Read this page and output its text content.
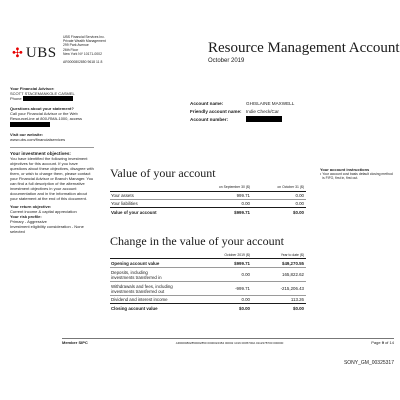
✣ UBS
UBS Financial Services Inc.
Private Wealth Management
299 Park Avenue
26th Floor
New York NY 10171-0002
AR0000802850 9618 11 8
Resource Management Account
October 2019
Your Financial Advisor:
SCOTT STACEMANKOLE CASMEL
Phone
Questions about your statement?
Call your Financial Advisor or the Web ResourceLine at 800-RMA-1000, access
Visit our website:
www.ubs.com/financialservices
Your investment objectives:
You have identified the following investment objectives for this account. If you have questions about these objectives, disagree with them, or wish to change them, please contact your Financial Advisor or Branch Manager. You can find a full description of the alternative investment objectives in your account documentation and in the information about your statement at the end of this document.
Your return objective:
Current income & capital appreciation
Your risk profile:
Primary - Aggressive
Investment eligibility consideration - None selected
Account name:	GHISLAINE MAXWELL
Friendly account name: Indie Check/Car
Account number:
Value of your account
on September 30 ($)	on October 31 ($)
Your assets	999.71	0.00
Your liabilities	0.00	0.00
Value of your account	$999.71	$0.00
Your account instructions
• Your account cost basis default closing method is FIFO, first in, first out.
Change in the value of your account
October 2019 ($)	Year to date ($)
Opening account value	$999.71	$49,270.55
Deposits, including investments transferred in	0.00	165,822.62
Withdrawals and fees, including investments transferred out	-999.71	-215,206.43
Dividend and interest income	0.00	113.26
Closing account value	$0.00	$0.00
Member SIPC	AR0000802850002850 0000022384 00002 1016 0005700A 0112378700 000000	Page 9 of 14
SONY_GM_00325317
